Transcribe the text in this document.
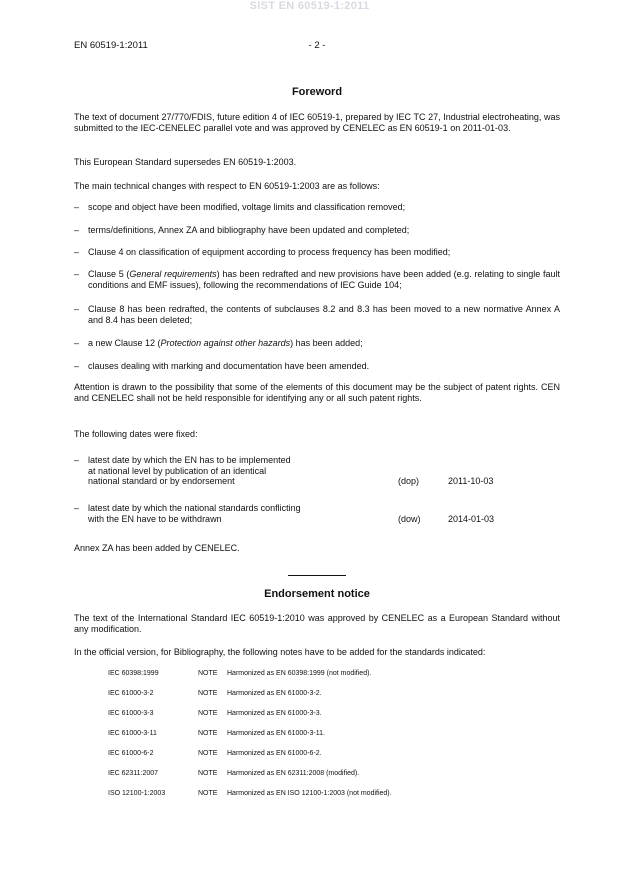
SIST EN 60519-1:2011
EN 60519-1:2011	- 2 -
Foreword
The text of document 27/770/FDIS, future edition 4 of IEC 60519-1, prepared by IEC TC 27, Industrial electroheating, was submitted to the IEC-CENELEC parallel vote and was approved by CENELEC as EN 60519-1 on 2011-01-03.
This European Standard supersedes EN 60519-1:2003.
The main technical changes with respect to EN 60519-1:2003 are as follows:
– scope and object have been modified, voltage limits and classification removed;
– terms/definitions, Annex ZA and bibliography have been updated and completed;
– Clause 4 on classification of equipment according to process frequency has been modified;
– Clause 5 (General requirements) has been redrafted and new provisions have been added (e.g. relating to single fault conditions and EMF issues), following the recommendations of IEC Guide 104;
– Clause 8 has been redrafted, the contents of subclauses 8.2 and 8.3 has been moved to a new normative Annex A and 8.4 has been deleted;
– a new Clause 12 (Protection against other hazards) has been added;
– clauses dealing with marking and documentation have been amended.
Attention is drawn to the possibility that some of the elements of this document may be the subject of patent rights. CEN and CENELEC shall not be held responsible for identifying any or all such patent rights.
The following dates were fixed:
– latest date by which the EN has to be implemented
at national level by publication of an identical
national standard or by endorsement	(dop)	2011-10-03
– latest date by which the national standards conflicting
with the EN have to be withdrawn	(dow)	2014-01-03
Annex ZA has been added by CENELEC.
Endorsement notice
The text of the International Standard IEC 60519-1:2010 was approved by CENELEC as a European Standard without any modification.
In the official version, for Bibliography, the following notes have to be added for the standards indicated:
IEC 60398:1999	NOTE Harmonized as EN 60398:1999 (not modified).
IEC 61000-3-2	NOTE Harmonized as EN 61000-3-2.
IEC 61000-3-3	NOTE Harmonized as EN 61000-3-3.
IEC 61000-3-11	NOTE Harmonized as EN 61000-3-11.
IEC 61000-6-2	NOTE Harmonized as EN 61000-6-2.
IEC 62311:2007	NOTE Harmonized as EN 62311:2008 (modified).
ISO 12100-1:2003	NOTE Harmonized as EN ISO 12100-1:2003 (not modified).
